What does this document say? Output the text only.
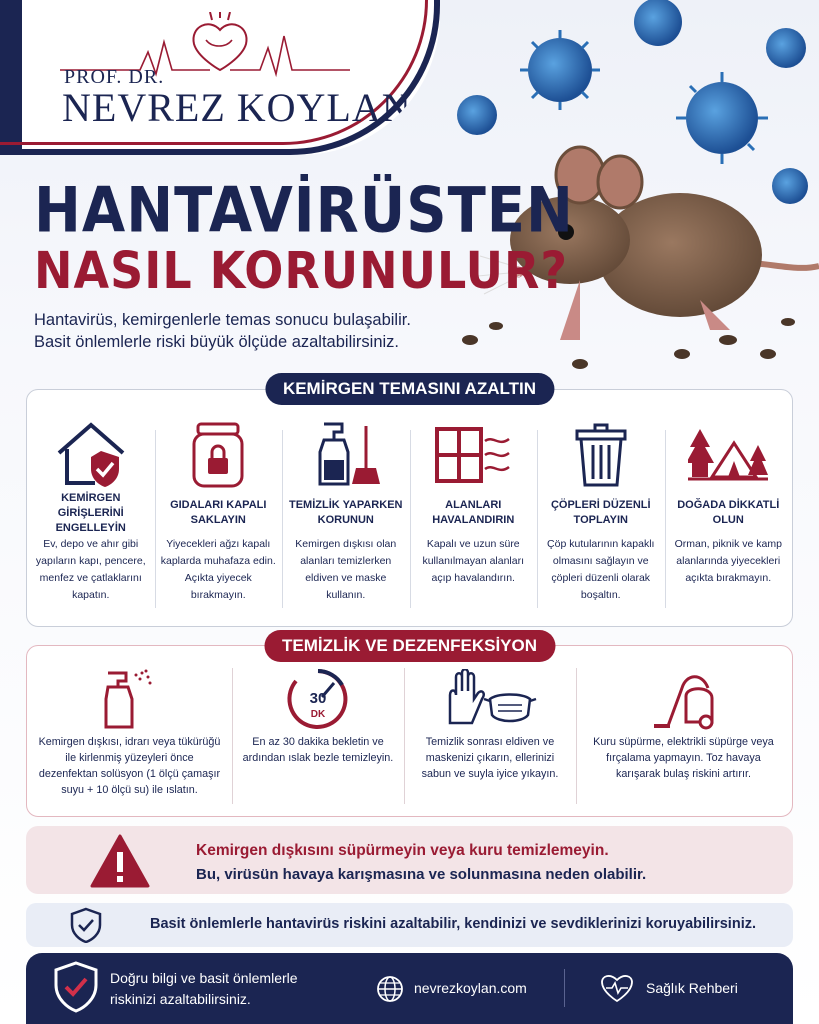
PROF. DR.
NEVREZ KOYLAN
HANTAVİRÜSTEN
NASIL KORUNULUR?
Hantavirüs, kemirgenlerle temas sonucu bulaşabilir.
Basit önlemlerle riski büyük ölçüde azaltabilirsiniz.
KEMİRGEN GİRİŞLERİNİ ENGELLEYİN
Ev, depo ve ahır gibi yapıların kapı, pencere, menfez ve çatlaklarını kapatın.
GIDALARI KAPALI SAKLAYIN
Yiyecekleri ağzı kapalı kaplarda muhafaza edin. Açıkta yiyecek bırakmayın.
TEMİZLİK YAPARKEN KORUNUN
Kemirgen dışkısı olan alanları temizlerken eldiven ve maske kullanın.
ALANLARI HAVALANDIRIN
Kapalı ve uzun süre kullanılmayan alanları açıp havalandırın.
ÇÖPLERİ DÜZENLİ TOPLAYIN
Çöp kutularının kapaklı olmasını sağlayın ve çöpleri düzenli olarak boşaltın.
DOĞADA DİKKATLİ OLUN
Orman, piknik ve kamp alanlarında yiyecekleri açıkta bırakmayın.
KEMİRGEN TEMASINI AZALTIN
Kemirgen dışkısı, idrarı veya tükürüğü ile kirlenmiş yüzeyleri önce dezenfektan solüsyon (1 ölçü çamaşır suyu + 10 ölçü su) ile ıslatın.
30
DK
En az 30 dakika bekletin ve ardından ıslak bezle temizleyin.
Temizlik sonrası eldiven ve maskenizi çıkarın, ellerinizi sabun ve suyla iyice yıkayın.
Kuru süpürme, elektrikli süpürge veya fırçalama yapmayın. Toz havaya karışarak bulaş riskini artırır.
TEMİZLİK VE DEZENFEKSİYON
Kemirgen dışkısını süpürmeyin veya kuru temizlemeyin.
Bu, virüsün havaya karışmasına ve solunmasına neden olabilir.
Basit önlemlerle hantavirüs riskini azaltabilir, kendinizi ve sevdiklerinizi koruyabilirsiniz.
Doğru bilgi ve basit önlemlerle
riskinizi azaltabilirsiniz.
nevrezkoylan.com	Sağlık Rehberi
